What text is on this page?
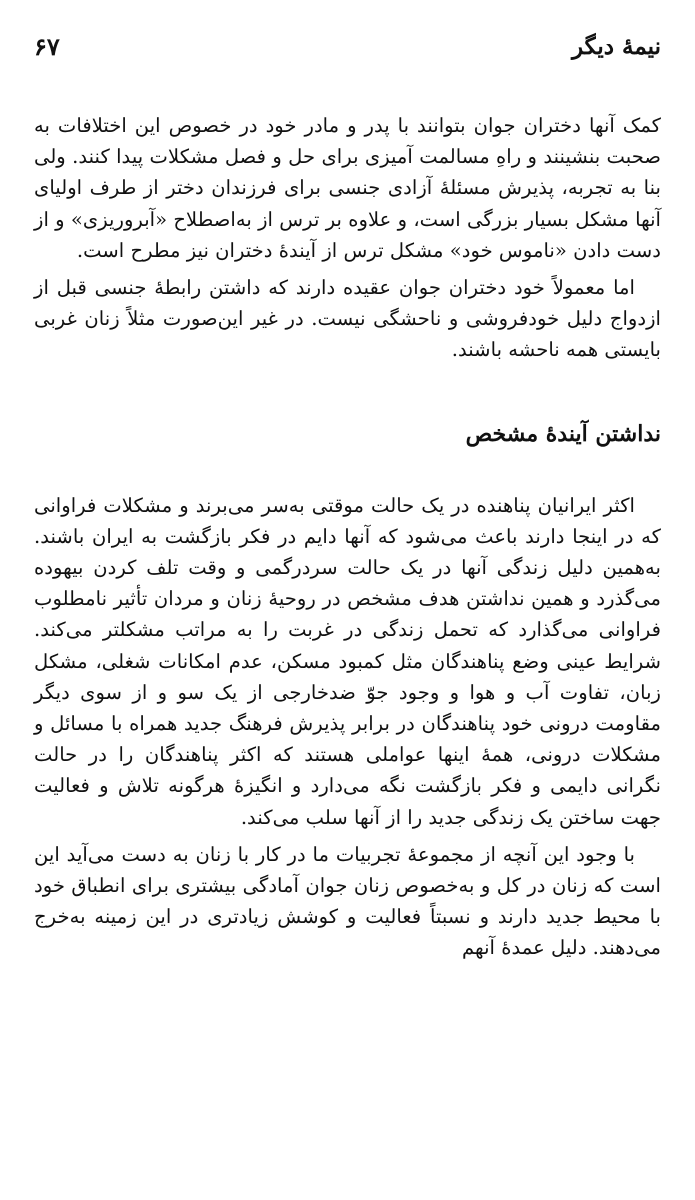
نیمهٔ دیگر
۶۷

کمک آنها دختران جوان بتوانند با پدر و مادر خود در خصوص این اختلافات به صحبت بنشینند و راهِ مسالمت آمیزی برای حل و فصل مشکلات پیدا کنند. ولی بنا به تجربه، پذیرش مسئلهٔ آزادی جنسی برای فرزندان دختر از طرف اولیای آنها مشکل بسیار بزرگی است، و علاوه بر ترس از به‌اصطلاح «آبروریزی» و از دست دادن «ناموس خود» مشکل ترس از آیندهٔ دختران نیز مطرح است.

اما معمولاً خود دختران جوان عقیده دارند که داشتن رابطهٔ جنسی قبل از ازدواج دلیل خودفروشی و ناحشگی نیست. در غیر این‌صورت مثلاً زنان غربی بایستی همه ناحشه باشند.

نداشتن آیندهٔ مشخص

اکثر ایرانیان پناهنده در یک حالت موقتی به‌سر می‌برند و مشکلات فراوانی که در اینجا دارند باعث می‌شود که آنها دایم در فکر بازگشت به ایران باشند. به‌همین دلیل زندگی آنها در یک حالت سردرگمی و وقت تلف کردن بیهوده می‌گذرد و همین نداشتن هدف مشخص در روحیهٔ زنان و مردان تأثیر نامطلوب فراوانی می‌گذارد که تحمل زندگی در غربت را به مراتب مشکلتر می‌کند. شرایط عینی وضع پناهندگان مثل کمبود مسکن، عدم امکانات شغلی، مشکل زبان، تفاوت آب و هوا و وجود جوّ ضدخارجی از یک سو و از سوی دیگر مقاومت درونی خود پناهندگان در برابر پذیرش فرهنگ جدید همراه با مسائل و مشکلات درونی، همهٔ اینها عواملی هستند که اکثر پناهندگان را در حالت نگرانی دایمی و فکر بازگشت نگه می‌دارد و انگیزهٔ هرگونه تلاش و فعالیت جهت ساختن یک زندگی جدید را از آنها سلب می‌کند.

با وجود این آنچه از مجموعهٔ تجربیات ما در کار با زنان به دست می‌آید این است که زنان در کل و به‌خصوص زنان جوان آمادگی بیشتری برای انطباق خود با محیط جدید دارند و نسبتاً فعالیت و کوشش زیادتری در این زمینه به‌خرج می‌دهند. دلیل عمدهٔ آنهم
